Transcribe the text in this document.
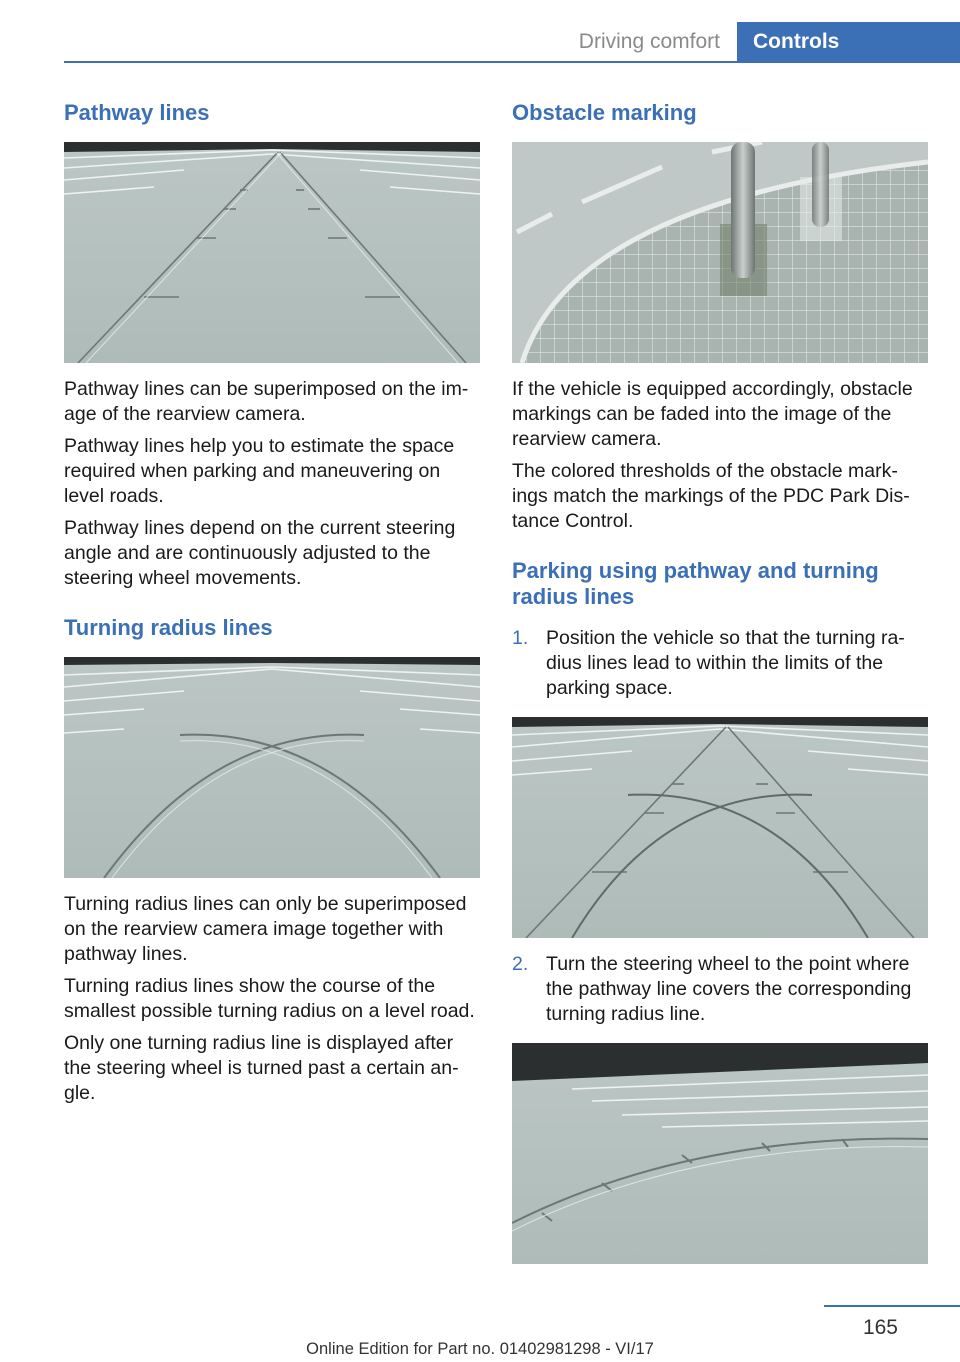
Driving comfort	Controls
Pathway lines

Pathway lines can be superimposed on the im-age of the rearview camera.

Pathway lines help you to estimate the space required when parking and maneuvering on level roads.

Pathway lines depend on the current steering angle and are continuously adjusted to the steering wheel movements.

Turning radius lines

Turning radius lines can only be superimposed on the rearview camera image together with pathway lines.

Turning radius lines show the course of the smallest possible turning radius on a level road.

Only one turning radius line is displayed after the steering wheel is turned past a certain an-gle.

Obstacle marking

If the vehicle is equipped accordingly, obstacle markings can be faded into the image of the rearview camera.

The colored thresholds of the obstacle mark-ings match the markings of the PDC Park Dis-tance Control.

Parking using pathway and turning radius lines
1. Position the vehicle so that the turning ra-dius lines lead to within the limits of the parking space.
2. Turn the steering wheel to the point where the pathway line covers the corresponding turning radius line.
165
Online Edition for Part no. 01402981298 - VI/17
